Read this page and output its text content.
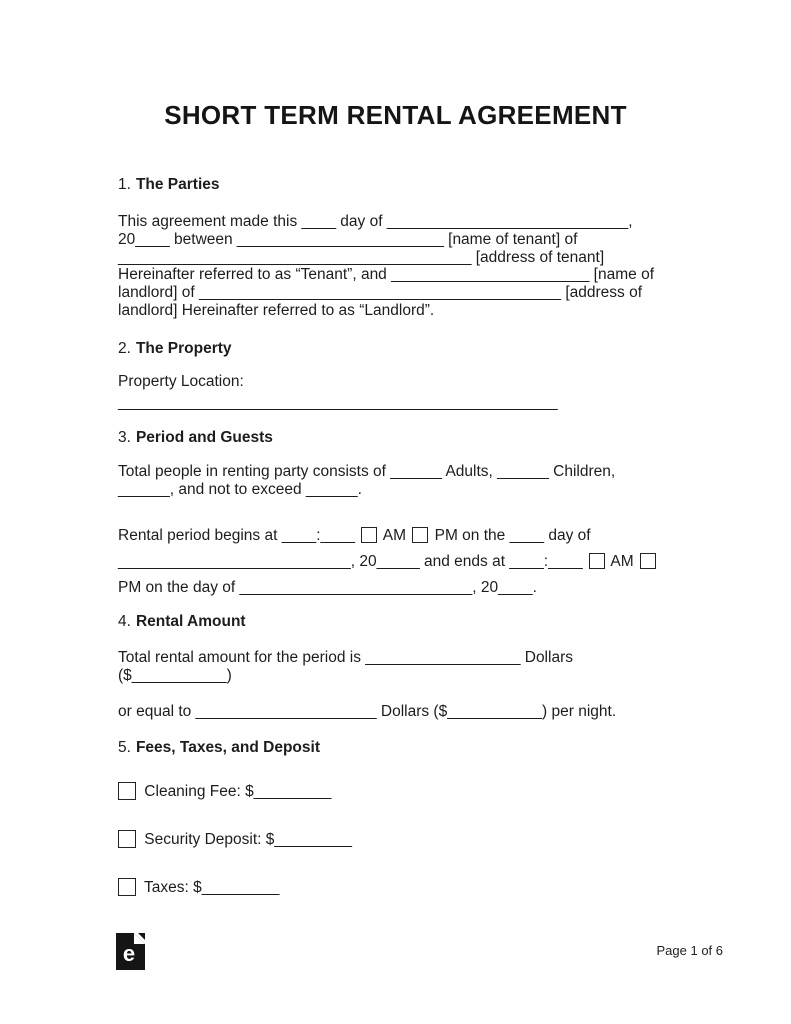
SHORT TERM RENTAL AGREEMENT
1. The Parties
This agreement made this ____ day of ____________________________,
20____ between ________________________ [name of tenant] of
_________________________________________ [address of tenant]
Hereinafter referred to as “Tenant”, and _______________________ [name of
landlord] of __________________________________________ [address of
landlord] Hereinafter referred to as “Landlord”.
2. The Property
Property Location:
___________________________________________________
3. Period and Guests
Total people in renting party consists of ______ Adults, ______ Children,
______, and not to exceed ______.
Rental period begins at ____:____  AM  PM on the ____ day of
___________________________, 20_____ and ends at ____:____  AM
PM on the day of ___________________________, 20____.
4. Rental Amount
Total rental amount for the period is __________________ Dollars
($___________)
or equal to _____________________ Dollars ($___________) per night.
5. Fees, Taxes, and Deposit
Cleaning Fee: $_________
Security Deposit: $_________
Taxes: $_________
e	Page 1 of 6
